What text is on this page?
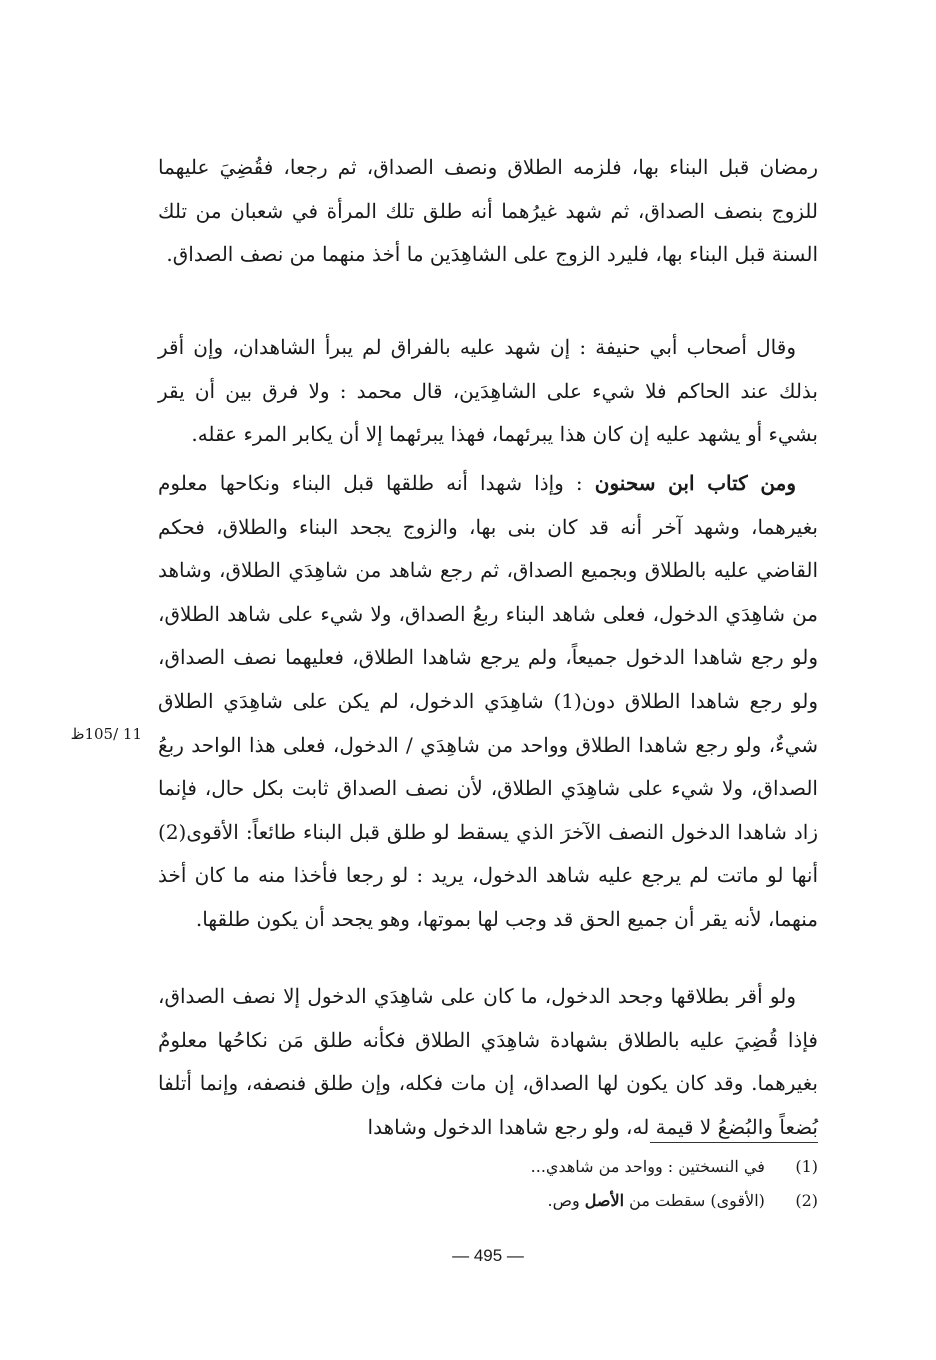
رمضان قبل البناء بها، فلزمه الطلاق ونصف الصداق، ثم رجعا، فقُضِيَ عليهما للزوج بنصف الصداق، ثم شهد غيرُهما أنه طلق تلك المرأة في شعبان من تلك السنة قبل البناء بها، فليرد الزوج على الشاهِدَين ما أخذ منهما من نصف الصداق.
وقال أصحاب أبي حنيفة : إن شهد عليه بالفراق لم يبرأ الشاهدان، وإن أقر بذلك عند الحاكم فلا شيء على الشاهِدَين، قال محمد : ولا فرق بين أن يقر بشيء أو يشهد عليه إن كان هذا يبرئهما، فهذا يبرئهما إلا أن يكابر المرء عقله.
ومن كتاب ابن سحنون : وإذا شهدا أنه طلقها قبل البناء ونكاحها معلوم بغيرهما، وشهد آخر أنه قد كان بنى بها، والزوج يجحد البناء والطلاق، فحكم القاضي عليه بالطلاق وبجميع الصداق، ثم رجع شاهد من شاهِدَي الطلاق، وشاهد من شاهِدَي الدخول، فعلى شاهد البناء ربعُ الصداق، ولا شيء على شاهد الطلاق، ولو رجع شاهدا الدخول جميعاً، ولم يرجع شاهدا الطلاق، فعليهما نصف الصداق، ولو رجع شاهدا الطلاق دون(1) شاهِدَي الدخول، لم يكن على شاهِدَي الطلاق شيءٌ، ولو رجع شاهدا الطلاق وواحد من شاهِدَي / الدخول، فعلى هذا الواحد ربعُ الصداق، ولا شيء على شاهِدَي الطلاق، لأن نصف الصداق ثابت بكل حال، فإنما زاد شاهدا الدخول النصف الآخرَ الذي يسقط لو طلق قبل البناء طائعاً: الأقوى(2) أنها لو ماتت لم يرجع عليه شاهد الدخول، يريد : لو رجعا فأخذا منه ما كان أخذ منهما، لأنه يقر أن جميع الحق قد وجب لها بموتها، وهو يجحد أن يكون طلقها.
11 /105ظ
ولو أقر بطلاقها وجحد الدخول، ما كان على شاهِدَي الدخول إلا نصف الصداق، فإذا قُضِيَ عليه بالطلاق بشهادة شاهِدَي الطلاق فكأنه طلق مَن نكاحُها معلومٌ بغيرهما. وقد كان يكون لها الصداق، إن مات فكله، وإن طلق فنصفه، وإنما أتلفا بُضعاً والبُضعُ لا قيمة له، ولو رجع شاهدا الدخول وشاهدا
(1) في النسختين : وواحد من شاهدي...
(2) (الأقوى) سقطت من الأصل وص.
— 495 —
